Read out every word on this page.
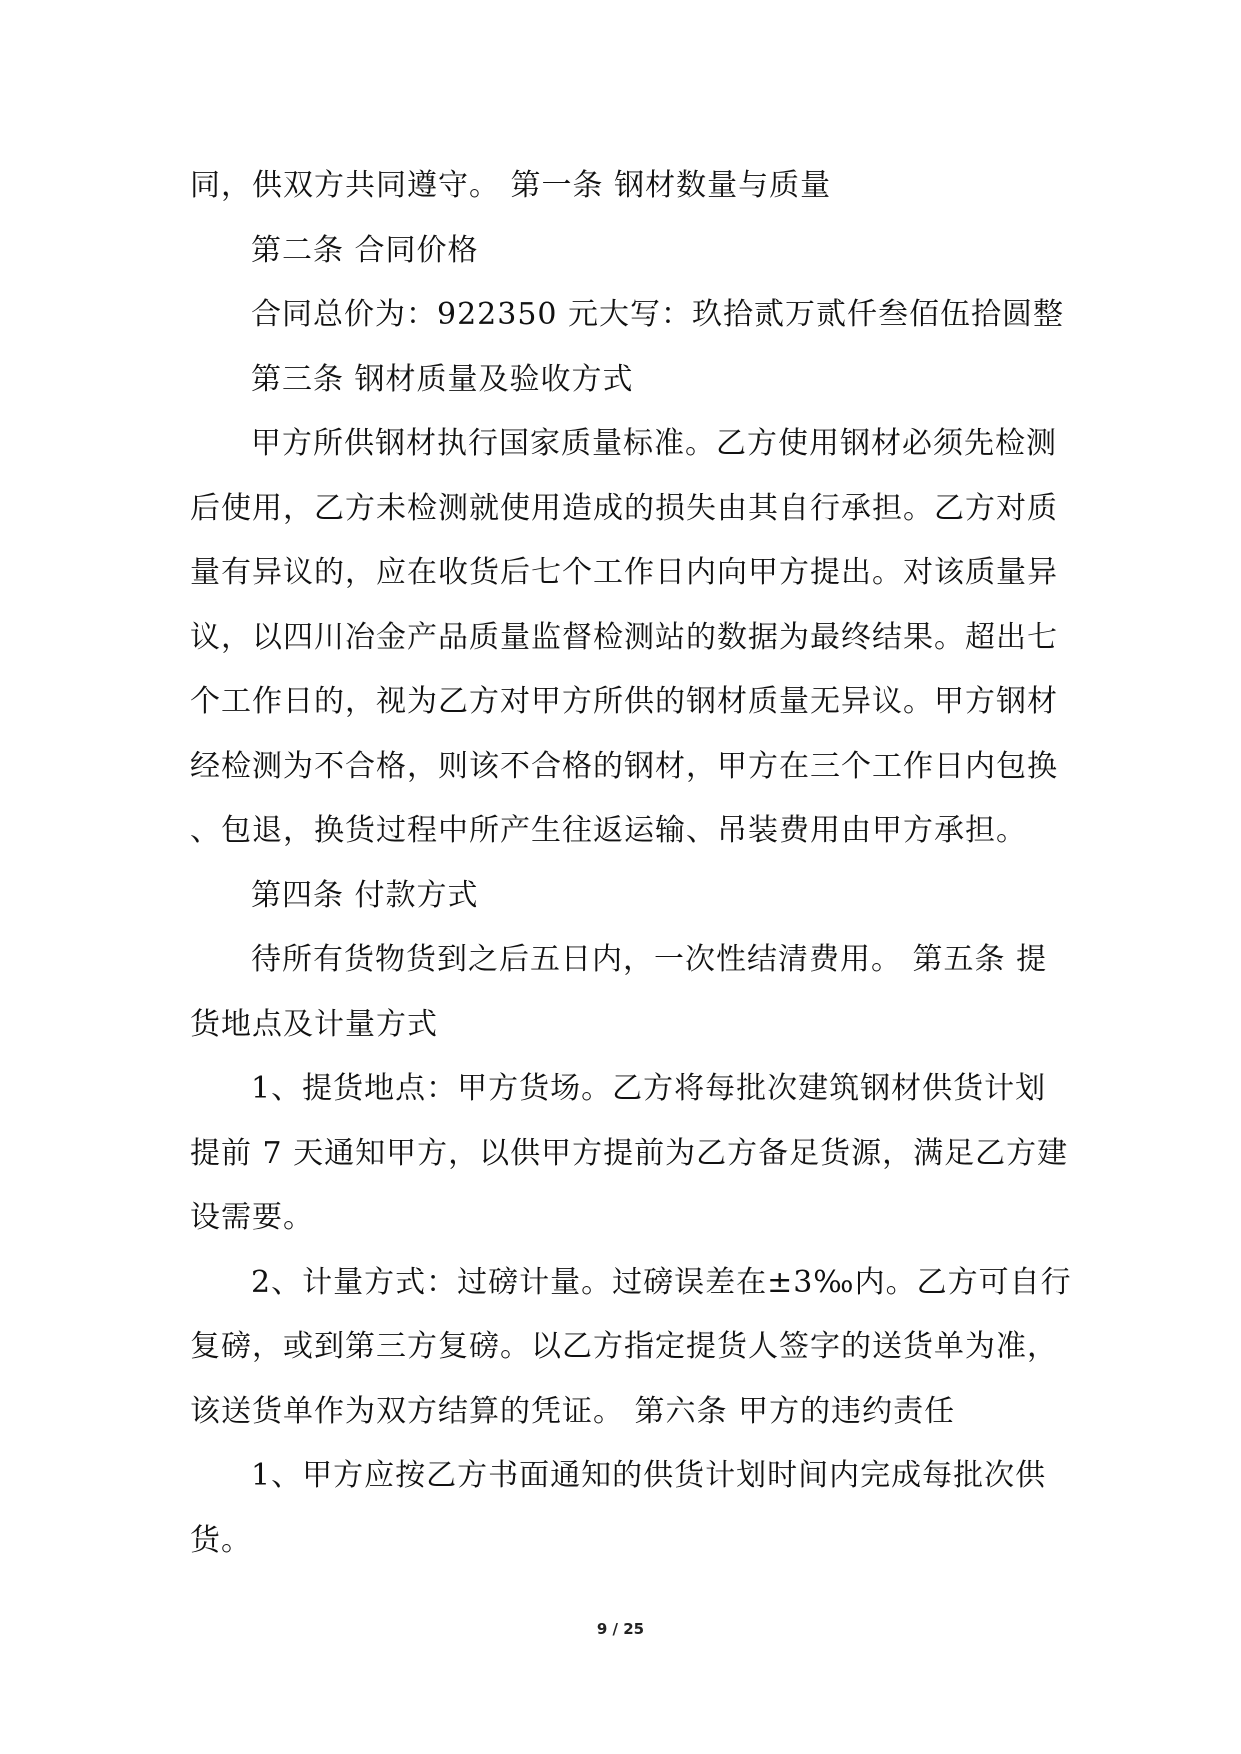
同，供双方共同遵守。 第一条 钢材数量与质量
第二条 合同价格
合同总价为：922350 元大写：玖拾贰万贰仟叁佰伍拾圆整
第三条 钢材质量及验收方式
甲方所供钢材执行国家质量标准。乙方使用钢材必须先检测
后使用，乙方未检测就使用造成的损失由其自行承担。乙方对质
量有异议的，应在收货后七个工作日内向甲方提出。对该质量异
议，以四川冶金产品质量监督检测站的数据为最终结果。超出七
个工作日的，视为乙方对甲方所供的钢材质量无异议。甲方钢材
经检测为不合格，则该不合格的钢材，甲方在三个工作日内包换
、包退，换货过程中所产生往返运输、吊装费用由甲方承担。
第四条 付款方式
待所有货物货到之后五日内，一次性结清费用。 第五条 提
货地点及计量方式
1、提货地点：甲方货场。乙方将每批次建筑钢材供货计划
提前 7 天通知甲方，以供甲方提前为乙方备足货源，满足乙方建
设需要。
2、计量方式：过磅计量。过磅误差在±3‰内。乙方可自行
复磅，或到第三方复磅。以乙方指定提货人签字的送货单为准，
该送货单作为双方结算的凭证。 第六条 甲方的违约责任
1、甲方应按乙方书面通知的供货计划时间内完成每批次供
货。
9 / 25
